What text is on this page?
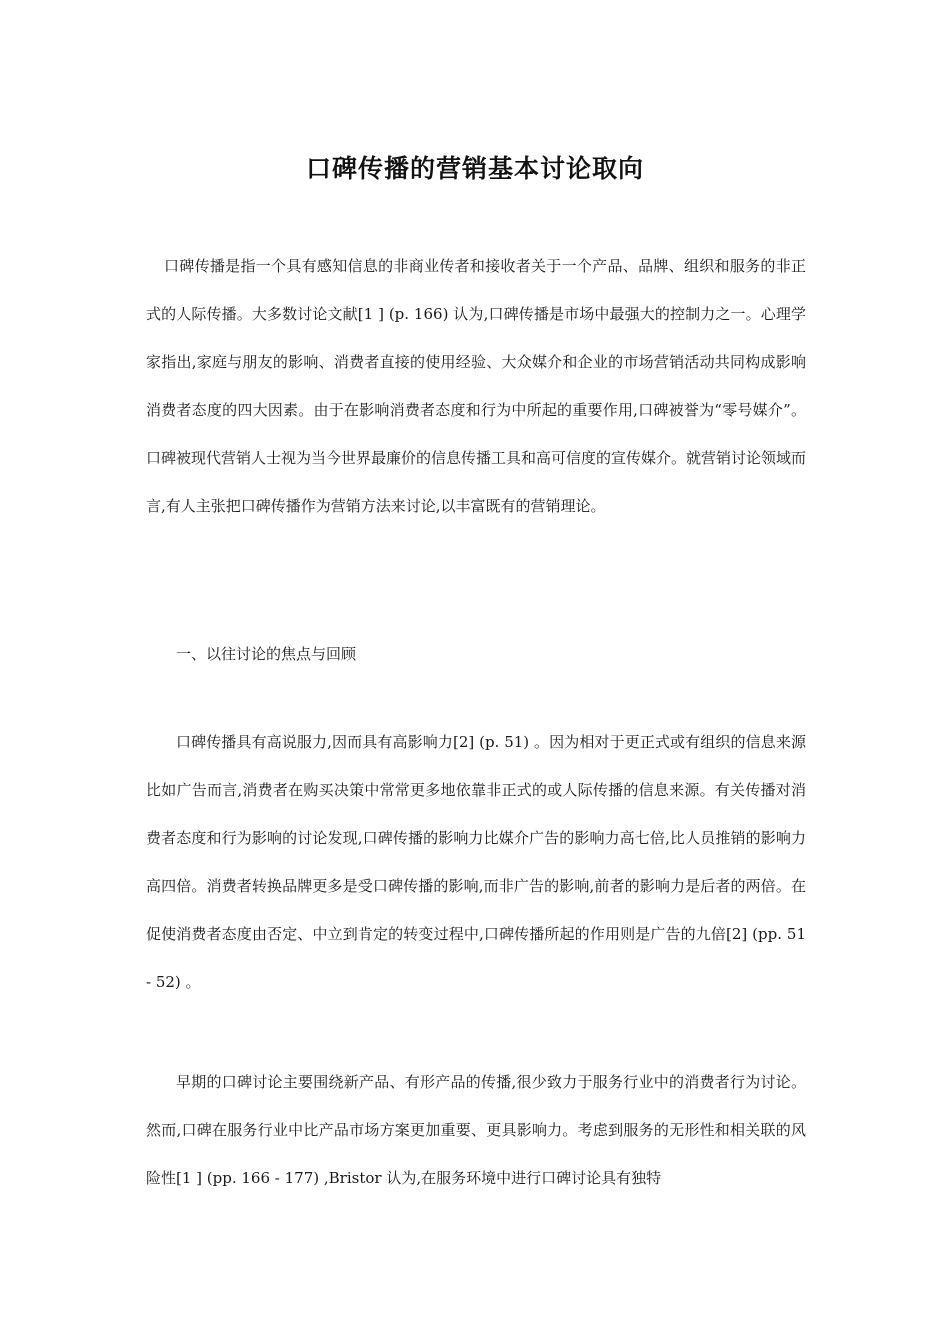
口碑传播的营销基本讨论取向

口碑传播是指一个具有感知信息的非商业传者和接收者关于一个产品、品牌、组织和服务的非正式的人际传播。大多数讨论文献[1 ] (p. 166) 认为,口碑传播是市场中最强大的控制力之一。心理学家指出,家庭与朋友的影响、消费者直接的使用经验、大众媒介和企业的市场营销活动共同构成影响消费者态度的四大因素。由于在影响消费者态度和行为中所起的重要作用,口碑被誉为“零号媒介”。口碑被现代营销人士视为当今世界最廉价的信息传播工具和高可信度的宣传媒介。就营销讨论领域而言,有人主张把口碑传播作为营销方法来讨论,以丰富既有的营销理论。

一、以往讨论的焦点与回顾

口碑传播具有高说服力,因而具有高影响力[2] (p. 51) 。因为相对于更正式或有组织的信息来源比如广告而言,消费者在购买决策中常常更多地依靠非正式的或人际传播的信息来源。有关传播对消费者态度和行为影响的讨论发现,口碑传播的影响力比媒介广告的影响力高七倍,比人员推销的影响力高四倍。消费者转换品牌更多是受口碑传播的影响,而非广告的影响,前者的影响力是后者的两倍。在促使消费者态度由否定、中立到肯定的转变过程中,口碑传播所起的作用则是广告的九倍[2] (pp. 51 - 52) 。

早期的口碑讨论主要围绕新产品、有形产品的传播,很少致力于服务行业中的消费者行为讨论。然而,口碑在服务行业中比产品市场方案更加重要、更具影响力。考虑到服务的无形性和相关联的风险性[1 ] (pp. 166 - 177) ,Bristor 认为,在服务环境中进行口碑讨论具有独特
